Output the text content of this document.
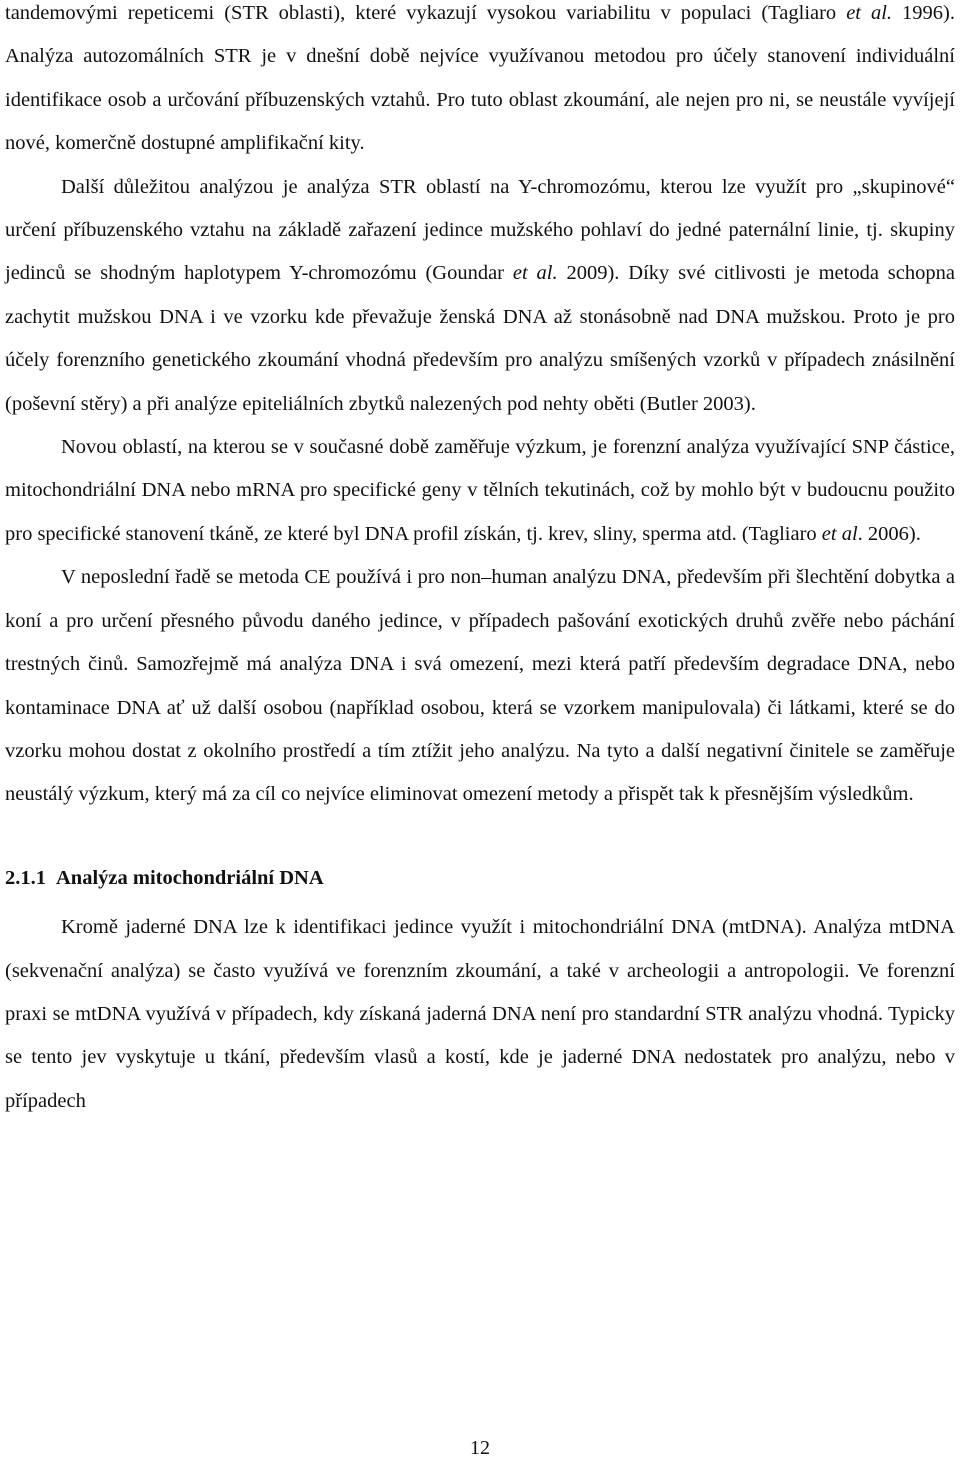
tandemovými repeticemi (STR oblasti), které vykazují vysokou variabilitu v populaci (Tagliaro et al. 1996). Analýza autozomálních STR je v dnešní době nejvíce využívanou metodou pro účely stanovení individuální identifikace osob a určování příbuzenských vztahů. Pro tuto oblast zkoumání, ale nejen pro ni, se neustále vyvíjejí nové, komerčně dostupné amplifikační kity.

Další důležitou analýzou je analýza STR oblastí na Y-chromozómu, kterou lze využít pro „skupinové“ určení příbuzenského vztahu na základě zařazení jedince mužského pohlaví do jedné paternální linie, tj. skupiny jedinců se shodným haplotypem Y-chromozómu (Goundar et al. 2009). Díky své citlivosti je metoda schopna zachytit mužskou DNA i ve vzorku kde převažuje ženská DNA až stonásobně nad DNA mužskou. Proto je pro účely forenzního genetického zkoumání vhodná především pro analýzu smíšených vzorků v případech znásilnění (poševní stěry) a při analýze epiteliálních zbytků nalezených pod nehty oběti (Butler 2003).

Novou oblastí, na kterou se v současné době zaměřuje výzkum, je forenzní analýza využívající SNP částice, mitochondriální DNA nebo mRNA pro specifické geny v tělních tekutinách, což by mohlo být v budoucnu použito pro specifické stanovení tkáně, ze které byl DNA profil získán, tj. krev, sliny, sperma atd. (Tagliaro et al. 2006).

V neposlední řadě se metoda CE používá i pro non–human analýzu DNA, především při šlechtění dobytka a koní a pro určení přesného původu daného jedince, v případech pašování exotických druhů zvěře nebo páchání trestných činů. Samozřejmě má analýza DNA i svá omezení, mezi která patří především degradace DNA, nebo kontaminace DNA ať už další osobou (například osobou, která se vzorkem manipulovala) či látkami, které se do vzorku mohou dostat z okolního prostředí a tím ztížit jeho analýzu. Na tyto a další negativní činitele se zaměřuje neustálý výzkum, který má za cíl co nejvíce eliminovat omezení metody a přispět tak k přesnějším výsledkům.

2.1.1 Analýza mitochondriální DNA

Kromě jaderné DNA lze k identifikaci jedince využít i mitochondriální DNA (mtDNA). Analýza mtDNA (sekvenační analýza) se často využívá ve forenzním zkoumání, a také v archeologii a antropologii. Ve forenzní praxi se mtDNA využívá v případech, kdy získaná jaderná DNA není pro standardní STR analýzu vhodná. Typicky se tento jev vyskytuje u tkání, především vlasů a kostí, kde je jaderné DNA nedostatek pro analýzu, nebo v případech

12
